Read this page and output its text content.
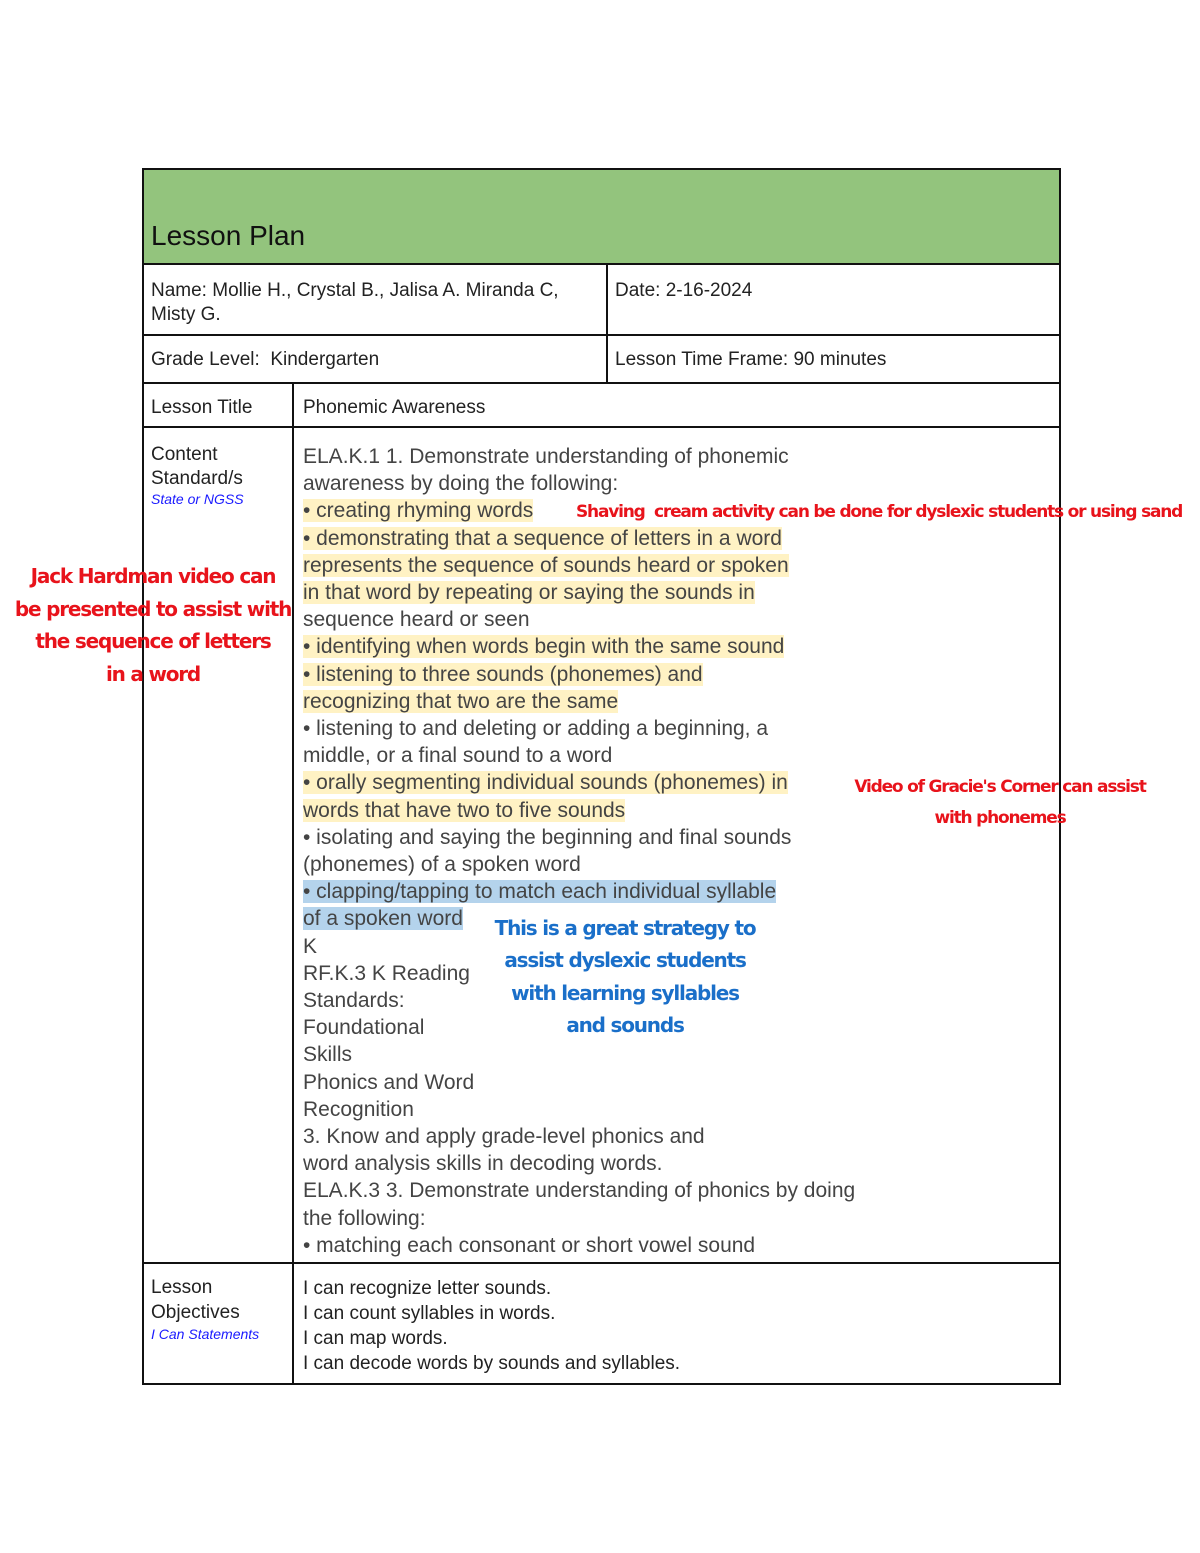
Lesson Plan
Name: Mollie H., Crystal B., Jalisa A. Miranda C, Misty G.
Date: 2-16-2024
Grade Level:  Kindergarten	Lesson Time Frame: 90 minutes
Lesson Title	Phonemic Awareness
Content
Standard/s
State or NGSS
ELA.K.1 1. Demonstrate understanding of phonemic
awareness by doing the following:
• creating rhyming words
• demonstrating that a sequence of letters in a word
represents the sequence of sounds heard or spoken
in that word by repeating or saying the sounds in
sequence heard or seen
• identifying when words begin with the same sound
• listening to three sounds (phonemes) and
recognizing that two are the same
• listening to and deleting or adding a beginning, a
middle, or a final sound to a word
• orally segmenting individual sounds (phonemes) in
words that have two to five sounds
• isolating and saying the beginning and final sounds
(phonemes) of a spoken word
• clapping/tapping to match each individual syllable
of a spoken word
K
RF.K.3 K Reading
Standards:
Foundational
Skills
Phonics and Word
Recognition
3. Know and apply grade-level phonics and
word analysis skills in decoding words.
ELA.K.3 3. Demonstrate understanding of phonics by doing
the following:
• matching each consonant or short vowel sound
Lesson
Objectives
I Can Statements
I can recognize letter sounds.
I can count syllables in words.
I can map words.
I can decode words by sounds and syllables.
Shaving  cream activity can be done for dyslexic students or using sand
Jack Hardman video can
be presented to assist with
the sequence of letters
in a word
Video of Gracie's Corner can assist
with phonemes
This is a great strategy to
assist dyslexic students
with learning syllables
and sounds
